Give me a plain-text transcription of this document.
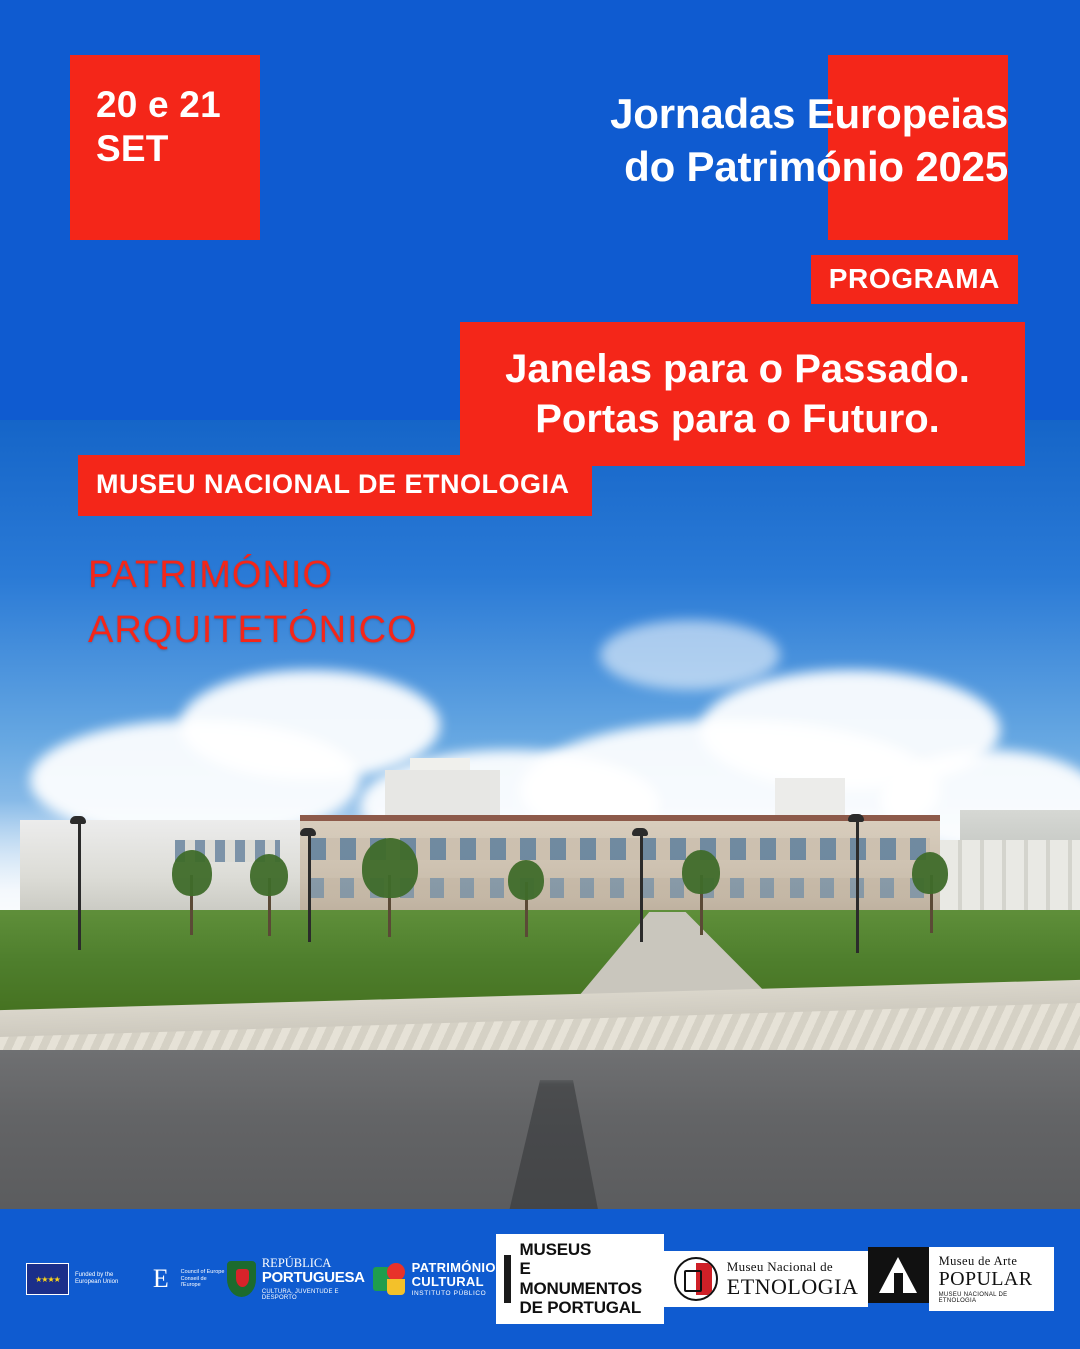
20 e 21
SET
Jornadas Europeias
do Património 2025
PROGRAMA
Janelas para o Passado.
Portas para o Futuro.
MUSEU NACIONAL DE ETNOLOGIA
PATRIMÓNIO
ARQUITETÓNICO
★★★★	Funded by the European Union	E Council of Europe Conseil de l'Europe
REPÚBLICA
PORTUGUESA
CULTURA, JUVENTUDE E DESPORTO
PATRIMÓNIO
CULTURAL
INSTITUTO PÚBLICO
MUSEUS
E MONUMENTOS
DE PORTUGAL
Museu Nacional de
ETNOLOGIA
Museu de Arte
POPULAR
MUSEU NACIONAL DE ETNOLOGIA
